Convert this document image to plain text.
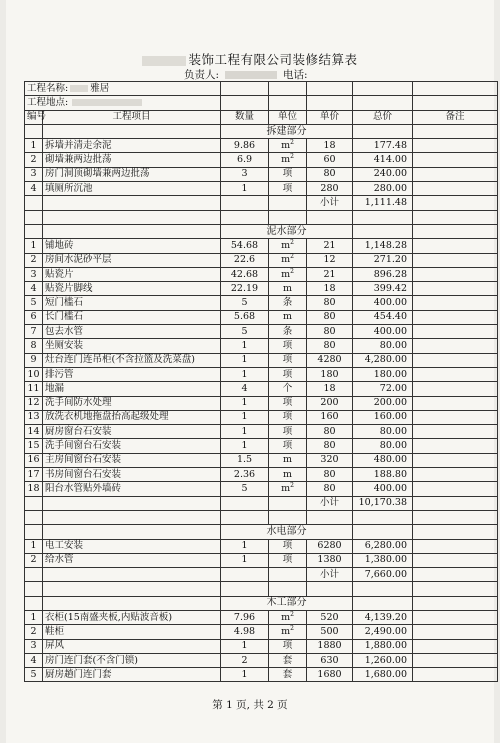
装饰工程有限公司装修结算表
负责人:	电话:
工程名称: 雅居						
工程地点:						
编号	工程项目	数量	单位	单价	总价	备注
		拆建部分				
1	拆墙并清走余泥	9.86	$m^2$	18	177.48	
2	砌墙兼两边批荡	6.9	$m^2$	60	414.00	
3	房门洞顶砌墙兼两边批荡	3	项	80	240.00	
4	填厕所沉池	1	项	280	280.00	
				小计	1,111.48	

		泥水部分				
1	铺地砖	54.68	$m^2$	21	1,148.28	
2	房间水泥砂平层	22.6	$m^2$	12	271.20	
3	贴瓷片	42.68	$m^2$	21	896.28	
4	贴瓷片脚线	22.19	m	18	399.42	
5	短门槛石	5	条	80	400.00	
6	长门槛石	5.68	m	80	454.40	
7	包去水管	5	条	80	400.00	
8	坐厕安装	1	项	80	80.00	
9	灶台连门连吊柜(不含拉篮及洗菜盘)	1	项	4280	4,280.00	
10	排污管	1	项	180	180.00	
11	地漏	4	个	18	72.00	
12	洗手间防水处理	1	项	200	200.00	
13	放洗衣机地拖盘抬高起级处理	1	项	160	160.00	
14	厨房窗台石安装	1	项	80	80.00	
15	洗手间窗台石安装	1	项	80	80.00	
16	主房间窗台石安装	1.5	m	320	480.00	
17	书房间窗台石安装	2.36	m	80	188.80	
18	阳台水管贴外墙砖	5	$m^2$	80	400.00	
				小计	10,170.38	

		水电部分				
1	电工安装	1	项	6280	6,280.00	
2	给水管	1	项	1380	1,380.00	
				小计	7,660.00	

		木工部分				
1	衣柜(15南盛夹板,内贴波音板)	7.96	$m^2$	520	4,139.20	
2	鞋柜	4.98	$m^2$	500	2,490.00	
3	屏风	1	项	1880	1,880.00	
4	房门连门套(不含门锁)	2	套	630	1,260.00	
5	厨房趟门连门套	1	套	1680	1,680.00	
第 1 页, 共 2 页
